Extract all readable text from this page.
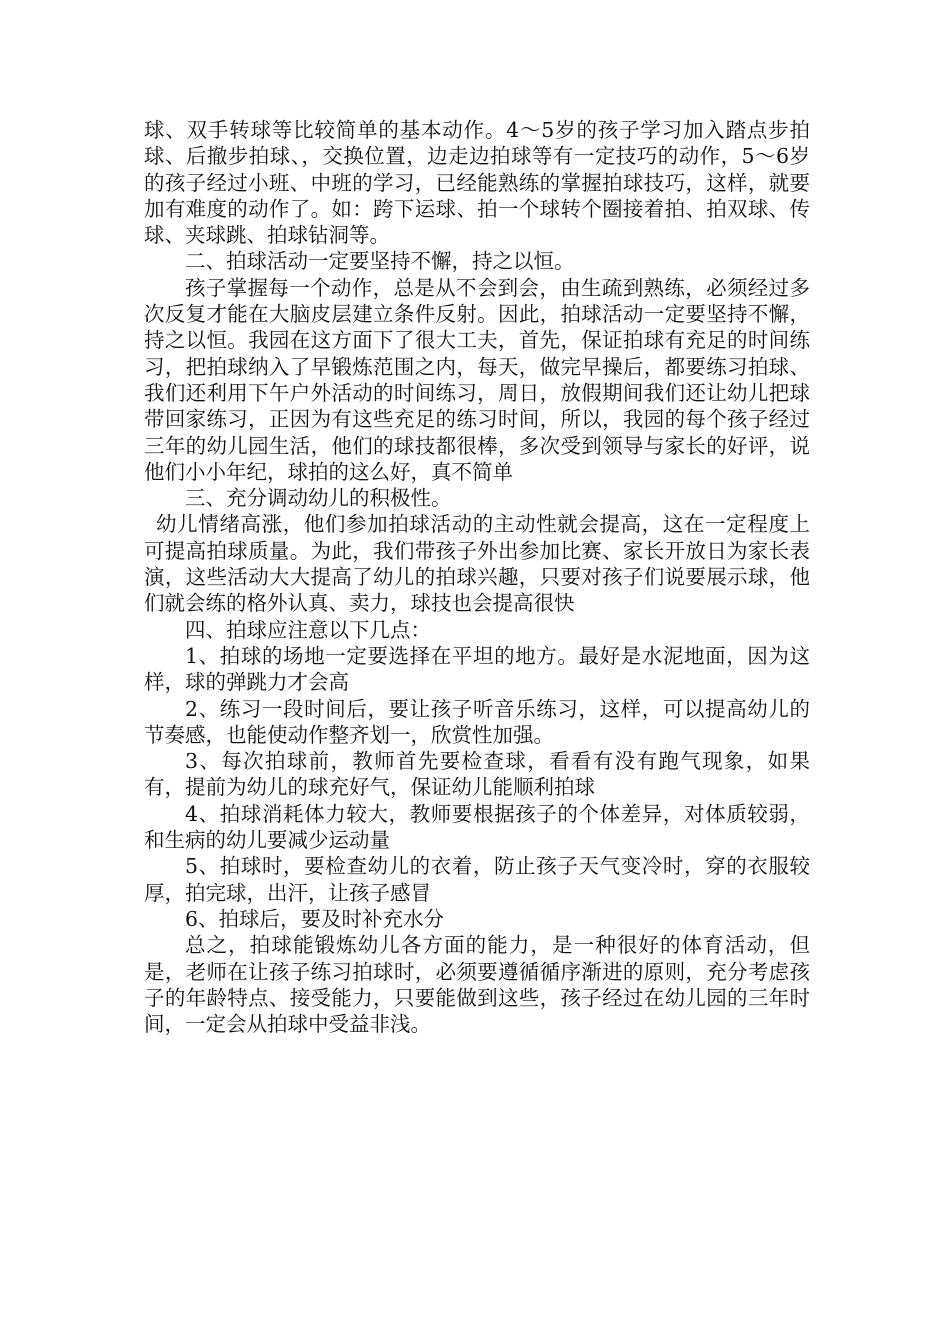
球、双手转球等比较简单的基本动作。4～5岁的孩子学习加入踏点步拍球、后撤步拍球、，交换位置，边走边拍球等有一定技巧的动作，5～6岁的孩子经过小班、中班的学习，已经能熟练的掌握拍球技巧，这样，就要加有难度的动作了。如：跨下运球、拍一个球转个圈接着拍、拍双球、传球、夹球跳、拍球钻洞等。

二、拍球活动一定要坚持不懈，持之以恒。

孩子掌握每一个动作，总是从不会到会，由生疏到熟练，必须经过多次反复才能在大脑皮层建立条件反射。因此，拍球活动一定要坚持不懈，持之以恒。我园在这方面下了很大工夫，首先，保证拍球有充足的时间练习，把拍球纳入了早锻炼范围之内，每天，做完早操后，都要练习拍球、我们还利用下午户外活动的时间练习，周日，放假期间我们还让幼儿把球带回家练习，正因为有这些充足的练习时间，所以，我园的每个孩子经过三年的幼儿园生活，他们的球技都很棒，多次受到领导与家长的好评，说他们小小年纪，球拍的这么好，真不简单

三、充分调动幼儿的积极性。

幼儿情绪高涨，他们参加拍球活动的主动性就会提高，这在一定程度上可提高拍球质量。为此，我们带孩子外出参加比赛、家长开放日为家长表演，这些活动大大提高了幼儿的拍球兴趣，只要对孩子们说要展示球，他们就会练的格外认真、卖力，球技也会提高很快

四、拍球应注意以下几点：

1、拍球的场地一定要选择在平坦的地方。最好是水泥地面，因为这样，球的弹跳力才会高

2、练习一段时间后，要让孩子听音乐练习，这样，可以提高幼儿的节奏感，也能使动作整齐划一，欣赏性加强。

3、每次拍球前，教师首先要检查球，看看有没有跑气现象，如果有，提前为幼儿的球充好气，保证幼儿能顺利拍球

4、拍球消耗体力较大，教师要根据孩子的个体差异，对体质较弱，和生病的幼儿要减少运动量

5、拍球时，要检查幼儿的衣着，防止孩子天气变冷时，穿的衣服较厚，拍完球，出汗，让孩子感冒

6、拍球后，要及时补充水分

总之，拍球能锻炼幼儿各方面的能力，是一种很好的体育活动，但是，老师在让孩子练习拍球时，必须要遵循循序渐进的原则，充分考虑孩子的年龄特点、接受能力，只要能做到这些，孩子经过在幼儿园的三年时间，一定会从拍球中受益非浅。
